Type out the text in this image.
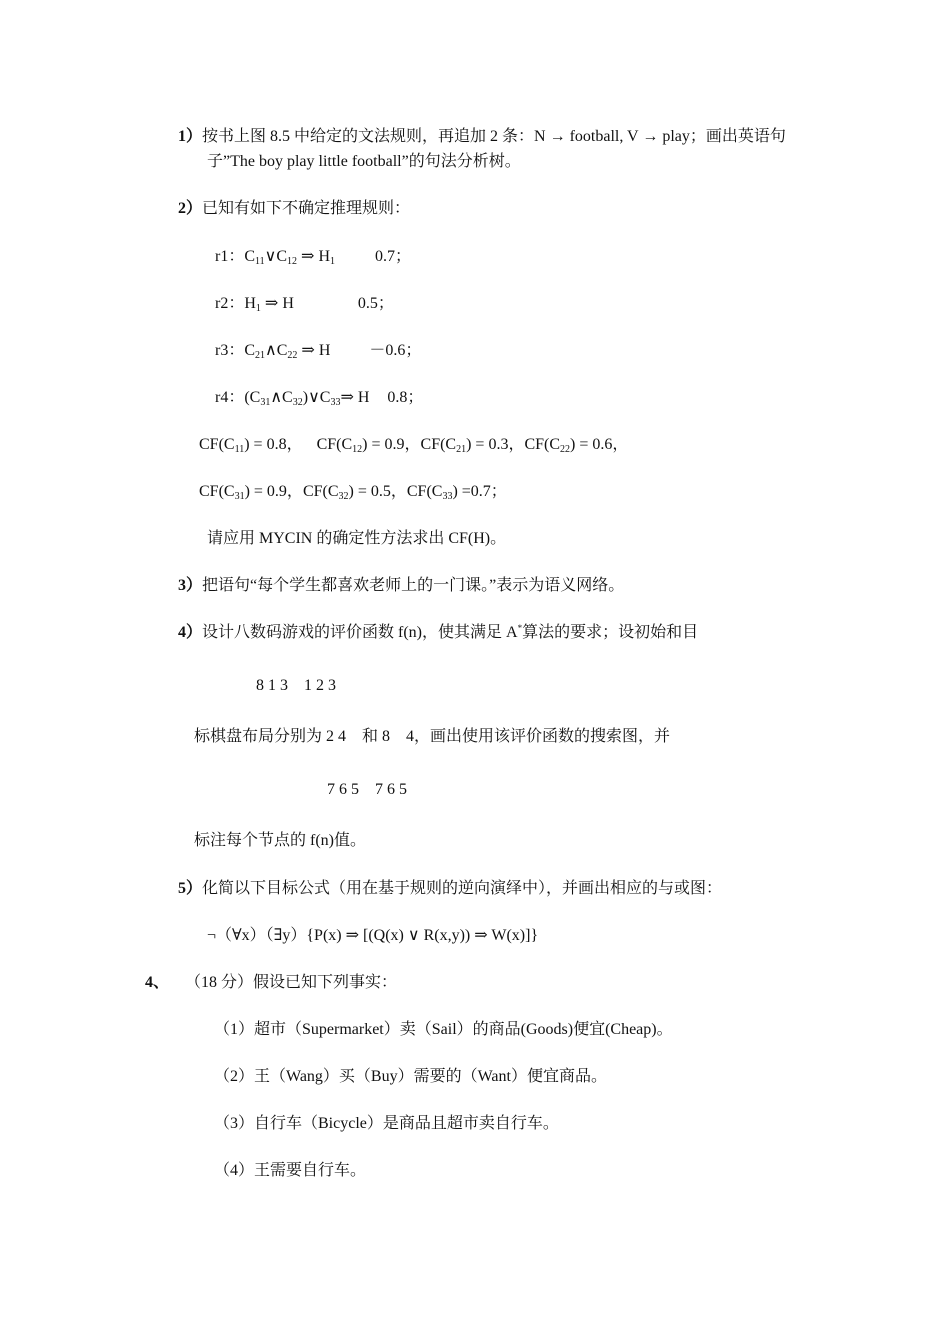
1）按书上图 8.5 中给定的文法规则，再追加 2 条：N → football, V → play；画出英语句
子”The boy play little football”的句法分析树。
2）已知有如下不确定推理规则：
r1：C11∨C12 ⇒ H1	0.7；
r2：H1 ⇒ H	0.5；
r3：C21∧C22 ⇒ H －0.6；
r4：(C31∧C32)∨C33⇒ H 0.8；
CF(C11) = 0.8， CF(C12) = 0.9，CF(C21) = 0.3，CF(C22) = 0.6，
CF(C31) = 0.9，CF(C32) = 0.5，CF(C33) =0.7；
请应用 MYCIN 的确定性方法求出 CF(H)。
3）把语句“每个学生都喜欢老师上的一门课。”表示为语义网络。
4）设计八数码游戏的评价函数 f(n)，使其满足 A*算法的要求；设初始和目
8 1 3    1 2 3
标棋盘布局分别为 2 4    和 8    4，画出使用该评价函数的搜索图，并
7 6 5    7 6 5
标注每个节点的 f(n)值。
5）化简以下目标公式（用在基于规则的逆向演绎中），并画出相应的与或图：
¬（∀x）（∃y）{P(x) ⇒ [(Q(x) ∨ R(x,y)) ⇒ W(x)]}
4、 （18 分）假设已知下列事实：
（1）超市（Supermarket）卖（Sail）的商品(Goods)便宜(Cheap)。
（2）王（Wang）买（Buy）需要的（Want）便宜商品。
（3）自行车（Bicycle）是商品且超市卖自行车。
（4）王需要自行车。
